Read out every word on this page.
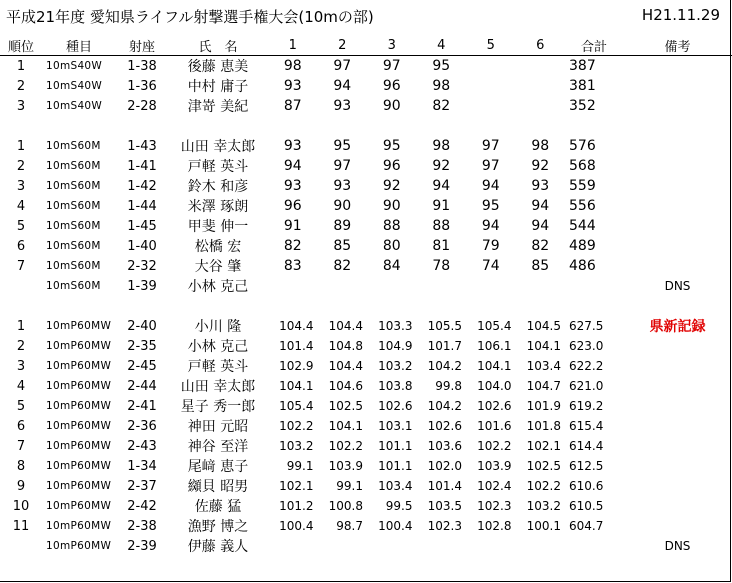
平成21年度 愛知県ライフル射撃選手権大会(10mの部)	H21.11.29
順位	種目	射座	氏　名	1	2	3	4	5	6	合計	備考
1	10mS40W	1-38	後藤 恵美	98	97	97	95			387	
2	10mS40W	1-36	中村 庸子	93	94	96	98			381	
3	10mS40W	2-28	津嵜 美紀	87	93	90	82			352	

1	10mS60M	1-43	山田 幸太郎	93	95	95	98	97	98	576	
2	10mS60M	1-41	戸軽 英斗	94	97	96	92	97	92	568	
3	10mS60M	1-42	鈴木 和彦	93	93	92	94	94	93	559	
4	10mS60M	1-44	米澤 琢朗	96	90	90	91	95	94	556	
5	10mS60M	1-45	甲斐 伸一	91	89	88	88	94	94	544	
6	10mS60M	1-40	松橋 宏	82	85	80	81	79	82	489	
7	10mS60M	2-32	大谷 肇	83	82	84	78	74	85	486	
	10mS60M	1-39	小林 克己								DNS

1	10mP60MW	2-40	小川 隆	104.4	104.4	103.3	105.5	105.4	104.5	627.5	県新記録
2	10mP60MW	2-35	小林 克己	101.4	104.8	104.9	101.7	106.1	104.1	623.0	
3	10mP60MW	2-45	戸軽 英斗	102.9	104.4	103.2	104.2	104.1	103.4	622.2	
4	10mP60MW	2-44	山田 幸太郎	104.1	104.6	103.8	99.8	104.0	104.7	621.0	
5	10mP60MW	2-41	星子 秀一郎	105.4	102.5	102.6	104.2	102.6	101.9	619.2	
6	10mP60MW	2-36	神田 元昭	102.2	104.1	103.1	102.6	101.6	101.8	615.4	
7	10mP60MW	2-43	神谷 至洋	103.2	102.2	101.1	103.6	102.2	102.1	614.4	
8	10mP60MW	1-34	尾﨑 恵子	99.1	103.9	101.1	102.0	103.9	102.5	612.5	
9	10mP60MW	2-37	纐貝 昭男	102.1	99.1	103.4	101.4	102.4	102.2	610.6	
10	10mP60MW	2-42	佐藤 猛	101.2	100.8	99.5	103.5	102.3	103.2	610.5	
11	10mP60MW	2-38	漁野 博之	100.4	98.7	100.4	102.3	102.8	100.1	604.7	
	10mP60MW	2-39	伊藤 義人								DNS
